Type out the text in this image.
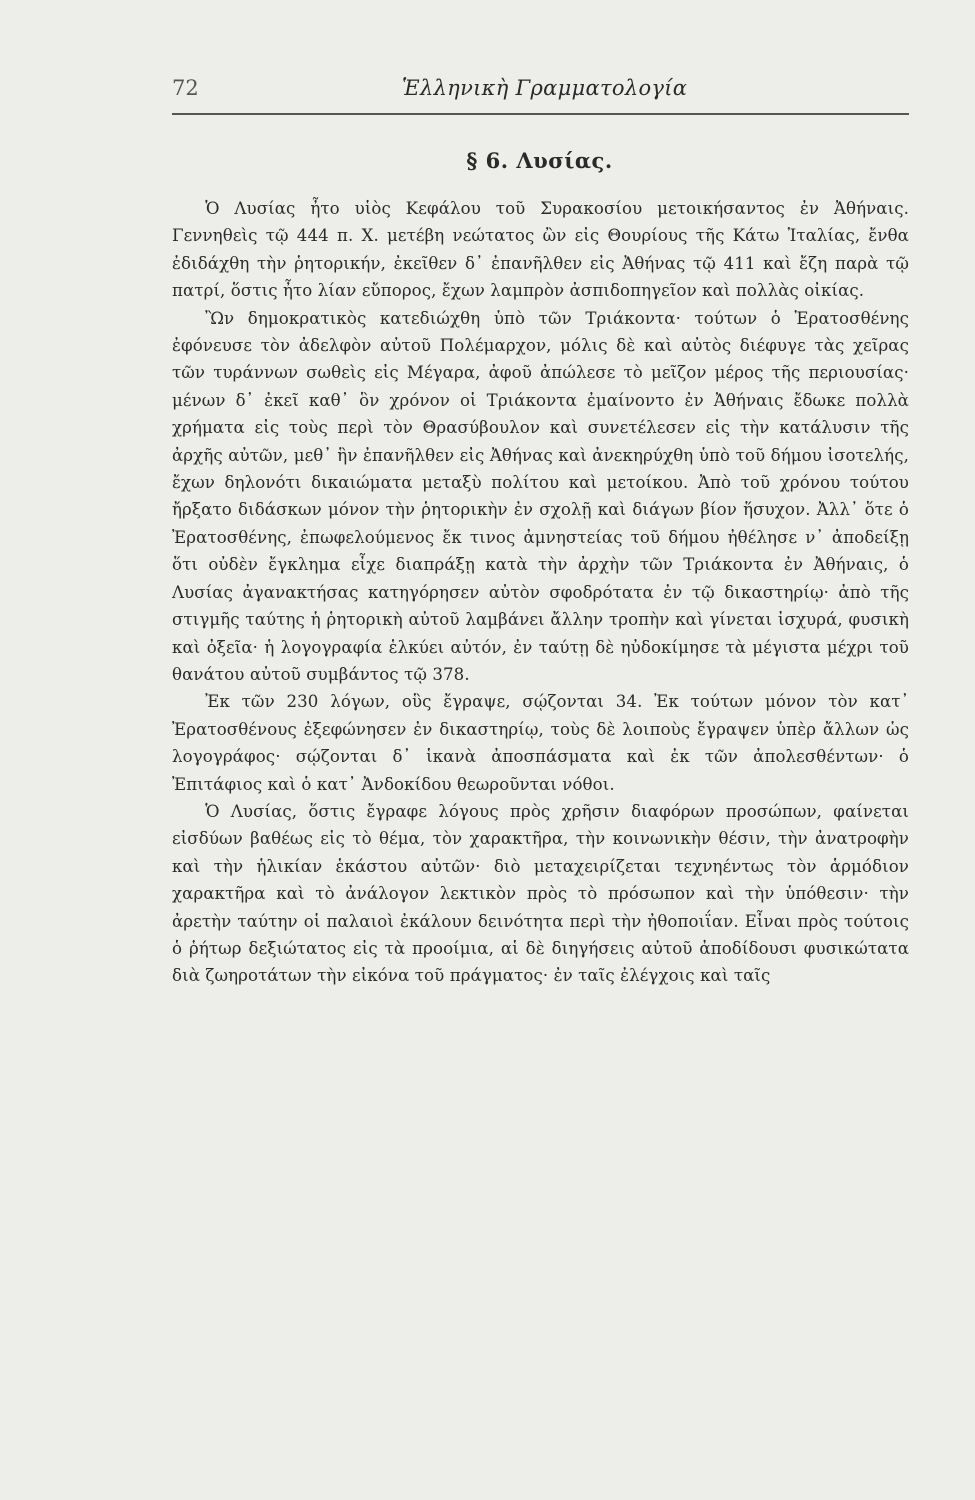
72	Ἑλληνικὴ Γραμματολογία
§ 6. Λυσίας.

Ὁ Λυσίας ἦτο υἱὸς Κεφάλου τοῦ Συρακοσίου μετοικήσαντος ἐν Ἀθήναις. Γεννηθεὶς τῷ 444 π. Χ. μετέβη νεώτατος ὢν εἰς Θουρίους τῆς Κάτω Ἰταλίας, ἔνθα ἐδιδάχθη τὴν ῥητορικήν, ἐκεῖθεν δ᾽ ἐπανῆλθεν εἰς Ἀθήνας τῷ 411 καὶ ἔζη παρὰ τῷ πατρί, ὅστις ἦτο λίαν εὔπορος, ἔχων λαμπρὸν ἀσπιδοπηγεῖον καὶ πολλὰς οἰκίας.

Ὢν δημοκρατικὸς κατεδιώχθη ὑπὸ τῶν Τριάκοντα· τούτων ὁ Ἐρατοσθένης ἐφόνευσε τὸν ἀδελφὸν αὐτοῦ Πολέμαρχον, μόλις δὲ καὶ αὐτὸς διέφυγε τὰς χεῖρας τῶν τυράννων σωθεὶς εἰς Μέγαρα, ἀφοῦ ἀπώλεσε τὸ μεῖζον μέρος τῆς περιουσίας· μένων δ᾽ ἐκεῖ καθ᾽ ὃν χρόνον οἱ Τριάκοντα ἐμαίνοντο ἐν Ἀθήναις ἔδωκε πολλὰ χρήματα εἰς τοὺς περὶ τὸν Θρασύβουλον καὶ συνετέλεσεν εἰς τὴν κατάλυσιν τῆς ἀρχῆς αὐτῶν, μεθ᾽ ἣν ἐπανῆλθεν εἰς Ἀθήνας καὶ ἀνεκηρύχθη ὑπὸ τοῦ δήμου ἰσοτελής, ἔχων δηλονότι δικαιώματα μεταξὺ πολίτου καὶ μετοίκου. Ἀπὸ τοῦ χρόνου τούτου ἤρξατο διδάσκων μόνον τὴν ῥητορικὴν ἐν σχολῇ καὶ διάγων βίον ἥσυχον. Ἀλλ᾽ ὅτε ὁ Ἐρατοσθένης, ἐπωφελούμενος ἔκ τινος ἀμνηστείας τοῦ δήμου ἠθέλησε ν᾽ ἀποδείξῃ ὅτι οὐδὲν ἔγκλημα εἶχε διαπράξῃ κατὰ τὴν ἀρχὴν τῶν Τριάκοντα ἐν Ἀθήναις, ὁ Λυσίας ἀγανακτήσας κατηγόρησεν αὐτὸν σφοδρότατα ἐν τῷ δικαστηρίῳ· ἀπὸ τῆς στιγμῆς ταύτης ἡ ῥητορικὴ αὐτοῦ λαμβάνει ἄλλην τροπὴν καὶ γίνεται ἰσχυρά, φυσικὴ καὶ ὀξεῖα· ἡ λογογραφία ἑλκύει αὐτόν, ἐν ταύτῃ δὲ ηὐδοκίμησε τὰ μέγιστα μέχρι τοῦ θανάτου αὐτοῦ συμβάντος τῷ 378.

Ἐκ τῶν 230 λόγων, οὓς ἔγραψε, σῴζονται 34. Ἐκ τούτων μόνον τὸν κατ᾽ Ἐρατοσθένους ἐξεφώνησεν ἐν δικαστηρίῳ, τοὺς δὲ λοιποὺς ἔγραψεν ὑπὲρ ἄλλων ὡς λογογράφος· σῴζονται δ᾽ ἱκανὰ ἀποσπάσματα καὶ ἐκ τῶν ἀπολεσθέντων· ὁ Ἐπιτάφιος καὶ ὁ κατ᾽ Ἀνδοκίδου θεωροῦνται νόθοι.

Ὁ Λυσίας, ὅστις ἔγραφε λόγους πρὸς χρῆσιν διαφόρων προσώπων, φαίνεται εἰσδύων βαθέως εἰς τὸ θέμα, τὸν χαρακτῆρα, τὴν κοινωνικὴν θέσιν, τὴν ἀνατροφὴν καὶ τὴν ἡλικίαν ἑκάστου αὐτῶν· διὸ μεταχειρίζεται τεχνηέντως τὸν ἁρμόδιον χαρακτῆρα καὶ τὸ ἀνάλογον λεκτικὸν πρὸς τὸ πρόσωπον καὶ τὴν ὑπόθεσιν· τὴν ἀρετὴν ταύτην οἱ παλαιοὶ ἐκάλουν δεινότητα περὶ τὴν ἠθοποιΐαν. Εἶναι πρὸς τούτοις ὁ ῥήτωρ δεξιώτατος εἰς τὰ προοίμια, αἱ δὲ διηγήσεις αὐτοῦ ἀποδίδουσι φυσικώτατα διὰ ζωηροτάτων τὴν εἰκόνα τοῦ πράγματος· ἐν ταῖς ἐλέγχοις καὶ ταῖς
